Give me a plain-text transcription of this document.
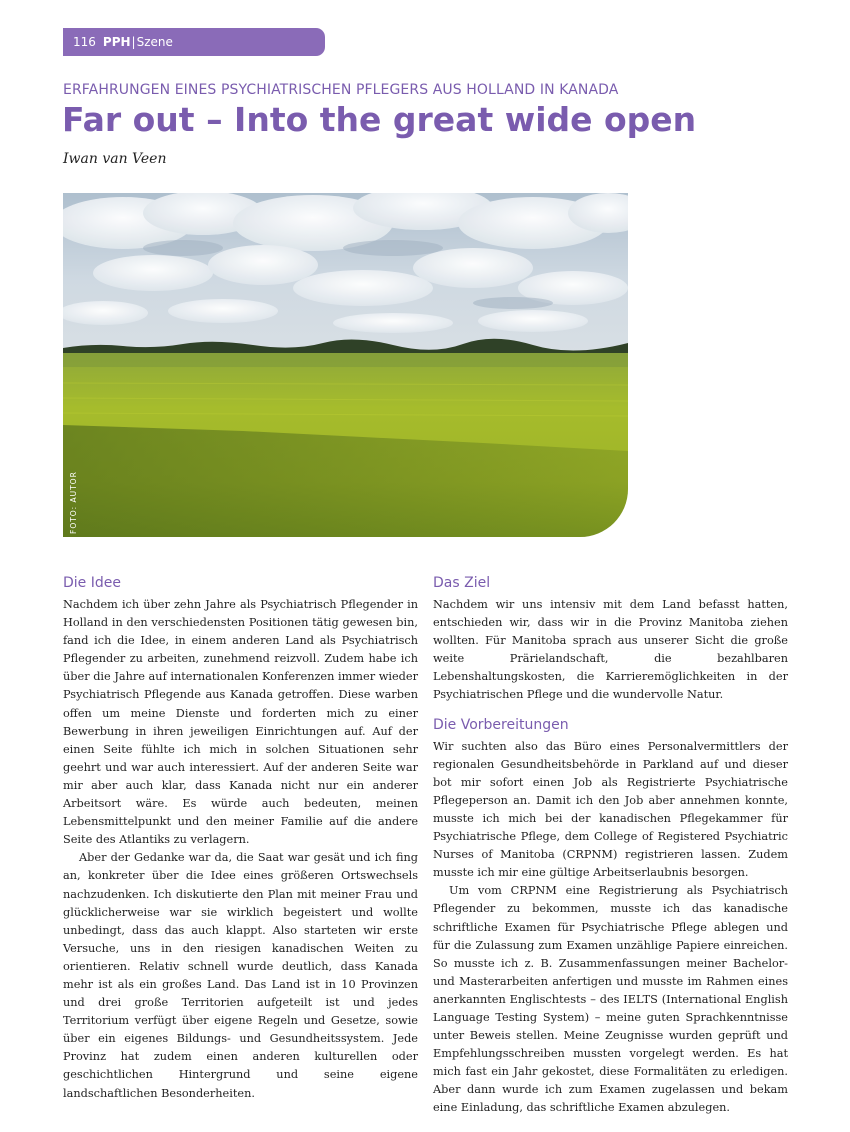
116 PPH | Szene
ERFAHRUNGEN EINES PSYCHIATRISCHEN PFLEGERS AUS HOLLAND IN KANADA
Far out – Into the great wide open
Iwan van Veen
FOTO: AUTOR
Die Idee

Nachdem ich über zehn Jahre als Psychiatrisch Pflegender in Holland in den verschiedensten Positionen tätig gewesen bin, fand ich die Idee, in einem anderen Land als Psychiatrisch Pflegender zu arbeiten, zunehmend reizvoll. Zudem habe ich über die Jahre auf internationalen Konferenzen immer wieder Psychiatrisch Pflegende aus Kanada getroffen. Diese warben offen um meine Dienste und forderten mich zu einer Bewerbung in ihren jeweiligen Einrichtungen auf. Auf der einen Seite fühlte ich mich in solchen Situationen sehr geehrt und war auch interessiert. Auf der anderen Seite war mir aber auch klar, dass Kanada nicht nur ein anderer Arbeitsort wäre. Es würde auch bedeuten, meinen Lebensmittelpunkt und den meiner Familie auf die andere Seite des Atlantiks zu verlagern.

Aber der Gedanke war da, die Saat war gesät und ich fing an, konkreter über die Idee eines größeren Ortswechsels nachzudenken. Ich diskutierte den Plan mit meiner Frau und glücklicherweise war sie wirklich begeistert und wollte unbedingt, dass das auch klappt. Also starteten wir erste Versuche, uns in den riesigen kanadischen Weiten zu orientieren. Relativ schnell wurde deutlich, dass Kanada mehr ist als ein großes Land. Das Land ist in 10 Provinzen und drei große Territorien aufgeteilt ist und jedes Territorium verfügt über eigene Regeln und Gesetze, sowie über ein eigenes Bildungs- und Gesundheitssystem. Jede Provinz hat zudem einen anderen kulturellen oder geschichtlichen Hintergrund und seine eigene landschaftlichen Besonderheiten.

Das Ziel

Nachdem wir uns intensiv mit dem Land befasst hatten, entschieden wir, dass wir in die Provinz Manitoba ziehen wollten. Für Manitoba sprach aus unserer Sicht die große weite Prärielandschaft, die bezahlbaren Lebenshaltungskosten, die Karrieremöglichkeiten in der Psychiatrischen Pflege und die wundervolle Natur.

Die Vorbereitungen

Wir suchten also das Büro eines Personalvermittlers der regionalen Gesundheitsbehörde in Parkland auf und dieser bot mir sofort einen Job als Registrierte Psychiatrische Pflegeperson an. Damit ich den Job aber annehmen konnte, musste ich mich bei der kanadischen Pflegekammer für Psychiatrische Pflege, dem College of Registered Psychiatric Nurses of Manitoba (CRPNM) registrieren lassen. Zudem musste ich mir eine gültige Arbeitserlaubnis besorgen.

Um vom CRPNM eine Registrierung als Psychiatrisch Pflegender zu bekommen, musste ich das kanadische schriftliche Examen für Psychiatrische Pflege ablegen und für die Zulassung zum Examen unzählige Papiere einreichen. So musste ich z. B. Zusammenfassungen meiner Bachelor- und Masterarbeiten anfertigen und musste im Rahmen eines anerkannten Englischtests – des IELTS (International English Language Testing System) – meine guten Sprachkenntnisse unter Beweis stellen. Meine Zeugnisse wurden geprüft und Empfehlungsschreiben mussten vorgelegt werden. Es hat mich fast ein Jahr gekostet, diese Formalitäten zu erledigen. Aber dann wurde ich zum Examen zugelassen und bekam eine Einladung, das schriftliche Examen abzulegen.
